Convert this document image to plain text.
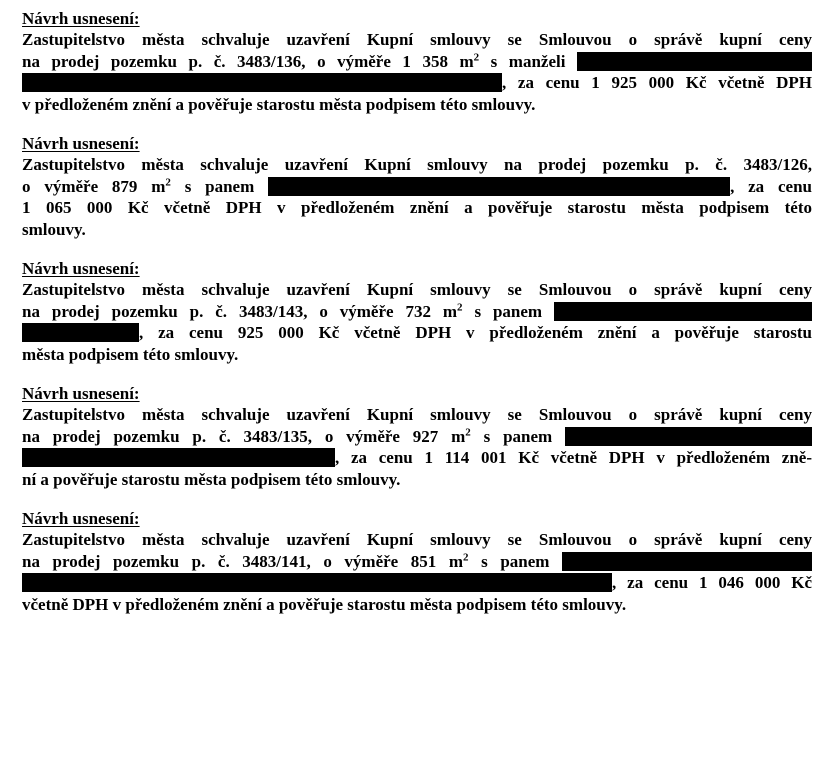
Návrh usnesení:

Zastupitelstvo města schvaluje uzavření Kupní smlouvy se Smlouvou o správě kupní ceny
na prodej pozemku p. č. 3483/136, o výměře 1 358 $m^2$ s manželi
, za cenu 1 925 000 Kč včetně DPH
v předloženém znění a pověřuje starostu města podpisem této smlouvy.

Návrh usnesení:

Zastupitelstvo města schvaluje uzavření Kupní smlouvy na prodej pozemku p. č. 3483/126,
o výměře 879 $m^2$ s panem	, za cenu
1 065 000 Kč včetně DPH v předloženém znění a pověřuje starostu města podpisem této
smlouvy.

Návrh usnesení:

Zastupitelstvo města schvaluje uzavření Kupní smlouvy se Smlouvou o správě kupní ceny
na prodej pozemku p. č. 3483/143, o výměře 732 $m^2$ s panem
, za cenu 925 000 Kč včetně DPH v předloženém znění a pověřuje starostu
města podpisem této smlouvy.

Návrh usnesení:

Zastupitelstvo města schvaluje uzavření Kupní smlouvy se Smlouvou o správě kupní ceny
na prodej pozemku p. č. 3483/135, o výměře 927 $m^2$ s panem
, za cenu 1 114 001 Kč včetně DPH v předloženém zně-
ní a pověřuje starostu města podpisem této smlouvy.

Návrh usnesení:

Zastupitelstvo města schvaluje uzavření Kupní smlouvy se Smlouvou o správě kupní ceny
na prodej pozemku p. č. 3483/141, o výměře 851 $m^2$ s panem
, za cenu 1 046 000 Kč
včetně DPH v předloženém znění a pověřuje starostu města podpisem této smlouvy.
